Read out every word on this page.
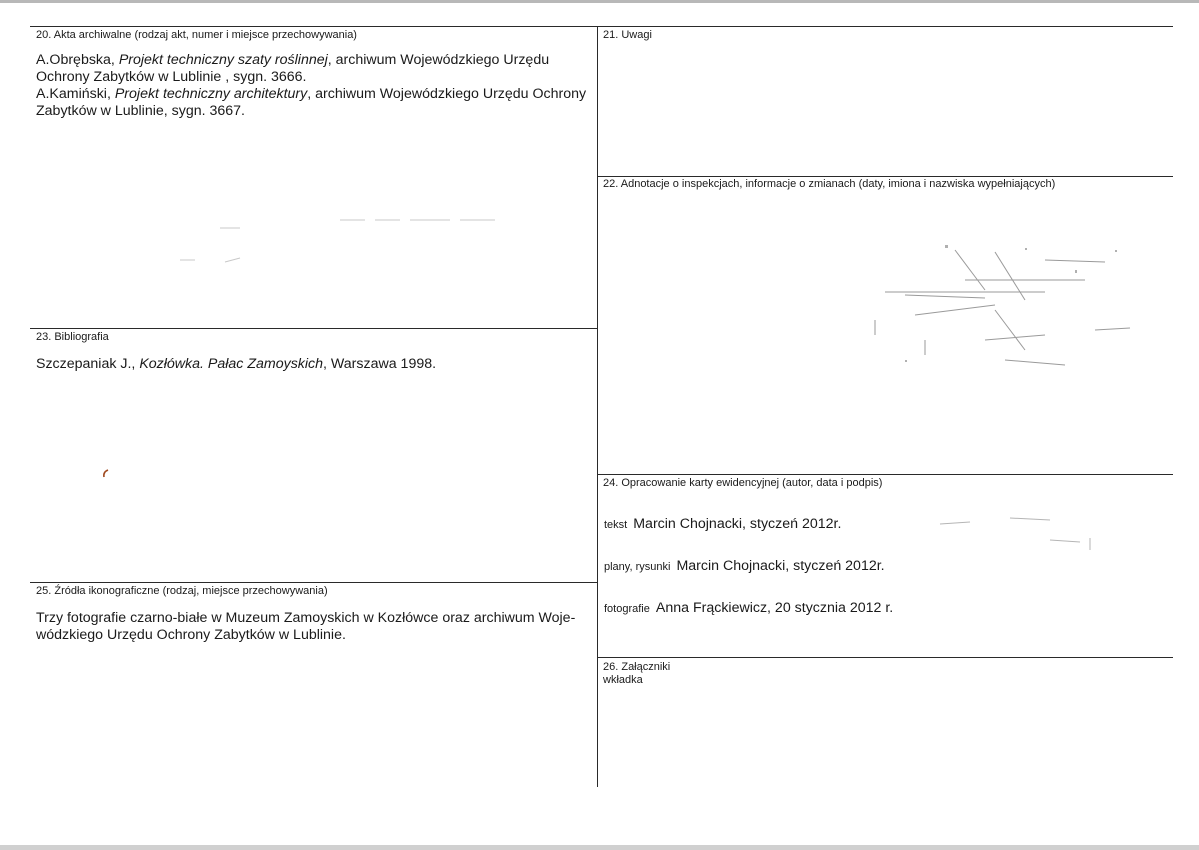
20. Akta archiwalne (rodzaj akt, numer i miejsce przechowywania)

A.Obrębska, Projekt techniczny szaty roślinnej, archiwum Wojewódzkiego Urzędu Ochrony Zabytków w Lublinie , sygn. 3666.

A.Kamiński, Projekt techniczny architektury, archiwum Wojewódzkiego Urzędu Ochrony Zabytków w Lublinie, sygn. 3667.

21. Uwagi
22. Adnotacje o inspekcjach, informacje o zmianach (daty, imiona i nazwiska wypełniających)
23. Bibliografia

Szczepaniak J., Kozłówka. Pałac Zamoyskich, Warszawa 1998.

24. Opracowanie karty ewidencyjnej (autor, data i podpis)
tekst Marcin Chojnacki, styczeń 2012r.
plany, rysunki Marcin Chojnacki, styczeń 2012r.
fotografie Anna Frąckiewicz, 20 stycznia 2012 r.
25. Źródła ikonograficzne (rodzaj, miejsce przechowywania)

Trzy fotografie czarno-białe w Muzeum Zamoyskich w Kozłówce oraz archiwum Woje-

wódzkiego Urzędu Ochrony Zabytków w Lublinie.

26. Załączniki
wkładka
